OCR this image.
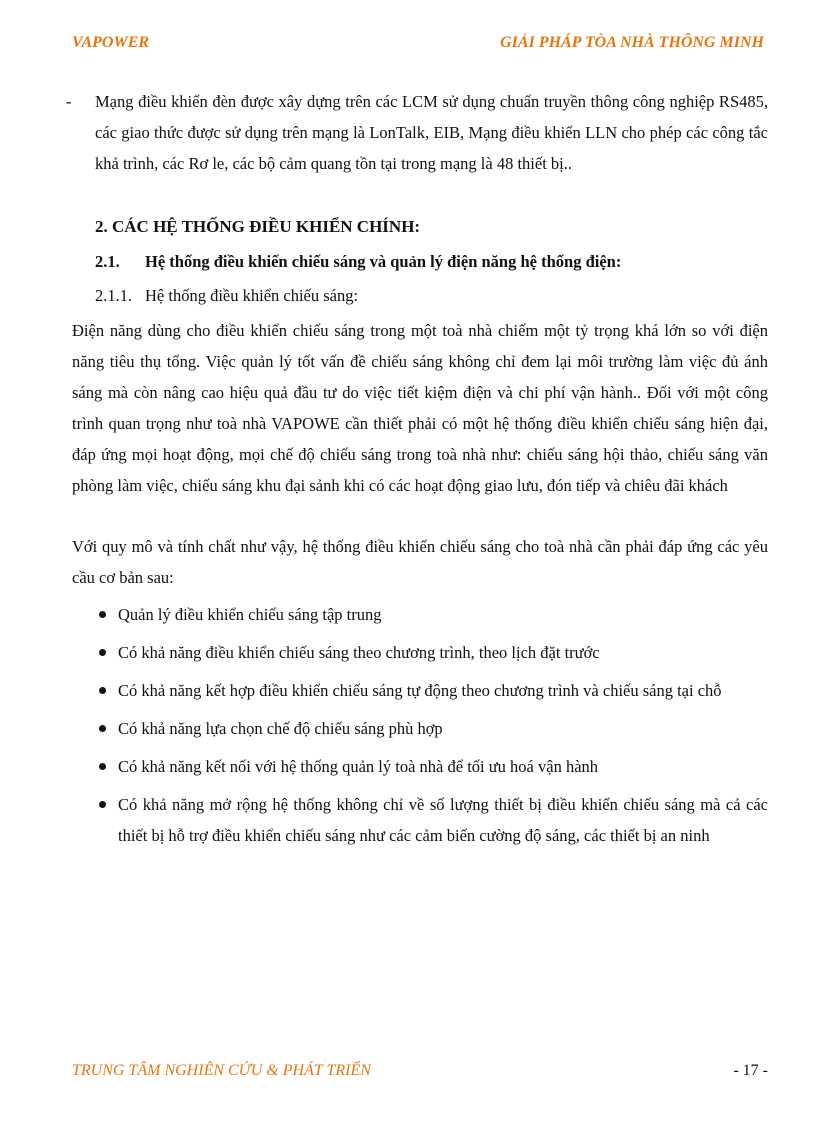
VAPOWER	GIẢI PHÁP TÒA NHÀ THÔNG MINH
- Mạng điều khiển đèn được xây dựng trên các LCM sử dụng chuẩn truyền thông công nghiệp RS485, các giao thức được sử dụng trên mạng là LonTalk, EIB, Mạng điều khiển LLN cho phép các công tắc khả trình, các Rơ le, các bộ cảm quang tồn tại trong mạng là 48 thiết bị..
2. CÁC HỆ THỐNG ĐIỀU KHIỂN CHÍNH:
2.1. Hệ thống điều khiển chiếu sáng và quản lý điện năng hệ thống điện:
2.1.1. Hệ thống điều khiển chiếu sáng:
Điện năng dùng cho điều khiển chiếu sáng trong một toà nhà chiếm một tỷ trọng khá lớn so với điện năng tiêu thụ tổng. Việc quản lý tốt vấn đề chiếu sáng không chỉ đem lại môi trường làm việc đủ ánh sáng mà còn nâng cao hiệu quả đầu tư do việc tiết kiệm điện và chi phí vận hành.. Đối với một công trình quan trọng như toà nhà VAPOWE cần thiết phải có một hệ thống điều khiển chiếu sáng hiện đại, đáp ứng mọi hoạt động, mọi chế độ chiếu sáng trong toà nhà như: chiếu sáng hội thảo, chiếu sáng văn phòng làm việc, chiếu sáng khu đại sảnh khi có các hoạt động giao lưu, đón tiếp và chiêu đãi khách
Với quy mô và tính chất như vậy, hệ thống điều khiển chiếu sáng cho toà nhà cần phải đáp ứng các yêu cầu cơ bản sau:
Quản lý điều khiển chiếu sáng tập trung
Có khả năng điều khiển chiếu sáng theo chương trình, theo lịch đặt trước
Có khả năng kết hợp điều khiển chiếu sáng tự động theo chương trình và chiếu sáng tại chỗ
Có khả năng lựa chọn chế độ chiếu sáng phù hợp
Có khả năng kết nối với hệ thống quản lý toà nhà để tối ưu hoá vận hành
Có khả năng mở rộng hệ thống không chỉ về số lượng thiết bị điều khiển chiếu sáng mà cả các thiết bị hỗ trợ điều khiển chiếu sáng như các cảm biến cường độ sáng, các thiết bị an ninh
TRUNG TÂM NGHIÊN CỨU & PHÁT TRIỂN	- 17 -
